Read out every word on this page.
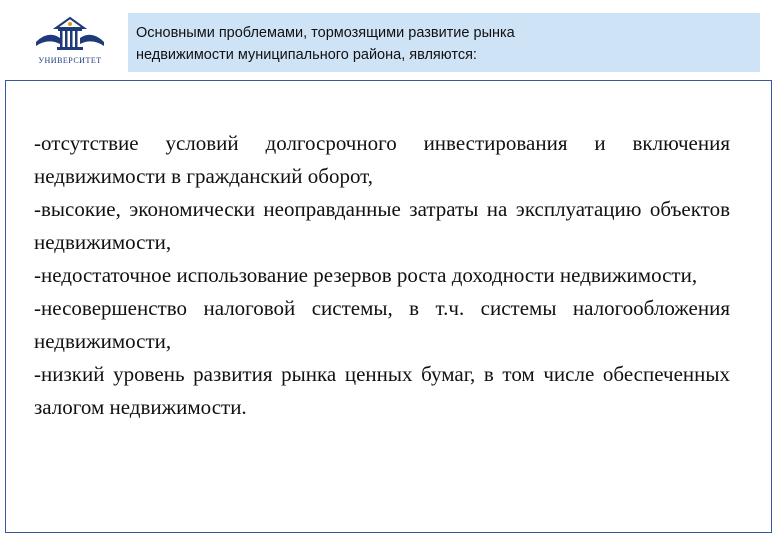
УНИВЕРСИТЕТ

Основными проблемами, тормозящими развитие рынка
недвижимости муниципального района, являются:

-отсутствие условий долгосрочного инвестирования и включения недвижимости в гражданский оборот,

-высокие, экономически неоправданные затраты на эксплуатацию объектов недвижимости,

-недостаточное использование резервов роста доходности недвижимости,

-несовершенство налоговой системы, в т.ч. системы налогообложения недвижимости,

-низкий уровень развития рынка ценных бумаг, в том числе обеспеченных залогом недвижимости.
